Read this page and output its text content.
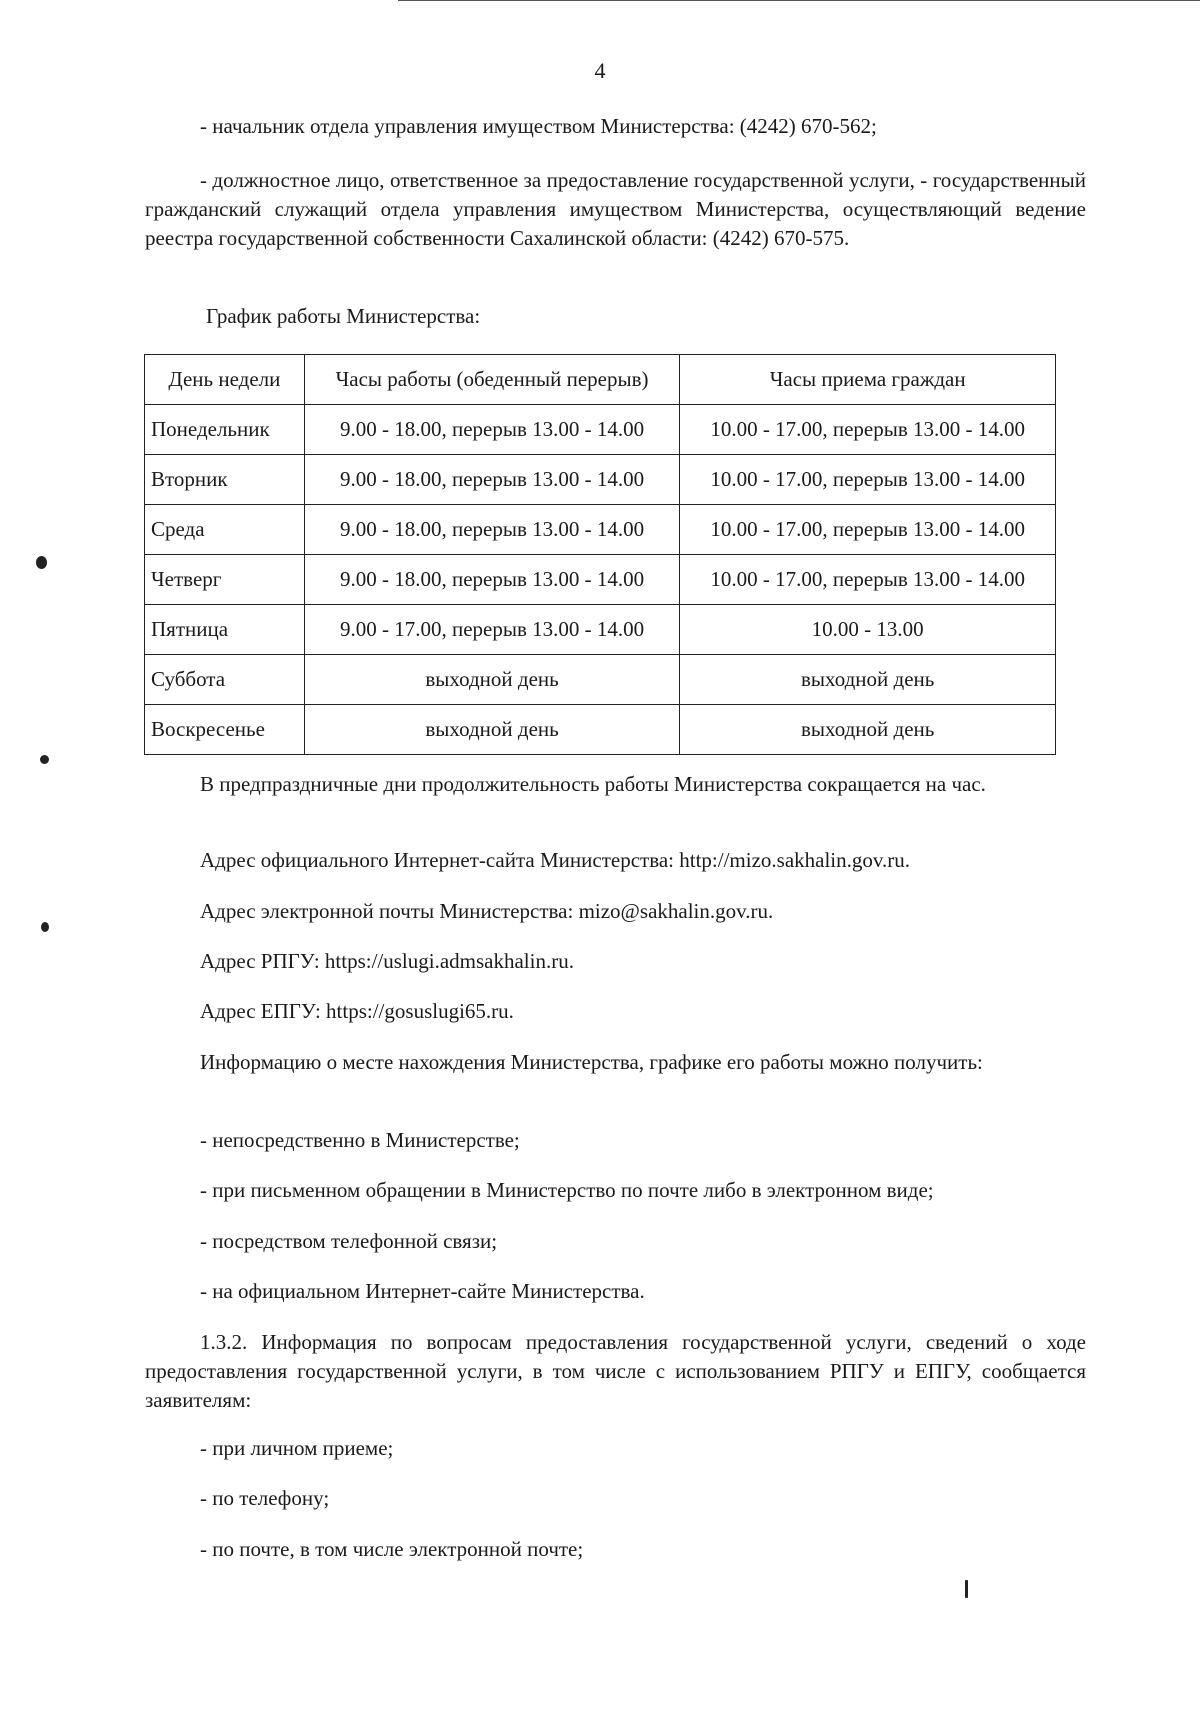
4

- начальник отдела управления имуществом Министерства: (4242) 670-562;

- должностное лицо, ответственное за предоставление государственной услуги, - государственный гражданский служащий отдела управления имуществом Министерства, осуществляющий ведение реестра государственной собственности Сахалинской области: (4242) 670-575.

График работы Министерства:

День недели	Часы работы (обеденный перерыв)	Часы приема граждан
Понедельник	9.00 - 18.00, перерыв 13.00 - 14.00	10.00 - 17.00, перерыв 13.00 - 14.00
Вторник	9.00 - 18.00, перерыв 13.00 - 14.00	10.00 - 17.00, перерыв 13.00 - 14.00
Среда	9.00 - 18.00, перерыв 13.00 - 14.00	10.00 - 17.00, перерыв 13.00 - 14.00
Четверг	9.00 - 18.00, перерыв 13.00 - 14.00	10.00 - 17.00, перерыв 13.00 - 14.00
Пятница	9.00 - 17.00, перерыв 13.00 - 14.00	10.00 - 13.00
Суббота	выходной день	выходной день
Воскресенье	выходной день	выходной день

В предпраздничные дни продолжительность работы Министерства сокращается на час.

Адрес официального Интернет-сайта Министерства: http://mizo.sakhalin.gov.ru.

Адрес электронной почты Министерства: mizo@sakhalin.gov.ru.

Адрес РПГУ: https://uslugi.admsakhalin.ru.

Адрес ЕПГУ: https://gosuslugi65.ru.

Информацию о месте нахождения Министерства, графике его работы можно получить:

- непосредственно в Министерстве;

- при письменном обращении в Министерство по почте либо в электронном виде;

- посредством телефонной связи;

- на официальном Интернет-сайте Министерства.

1.3.2. Информация по вопросам предоставления государственной услуги, сведений о ходе предоставления государственной услуги, в том числе с использованием РПГУ и ЕПГУ, сообщается заявителям:

- при личном приеме;

- по телефону;

- по почте, в том числе электронной почте;
